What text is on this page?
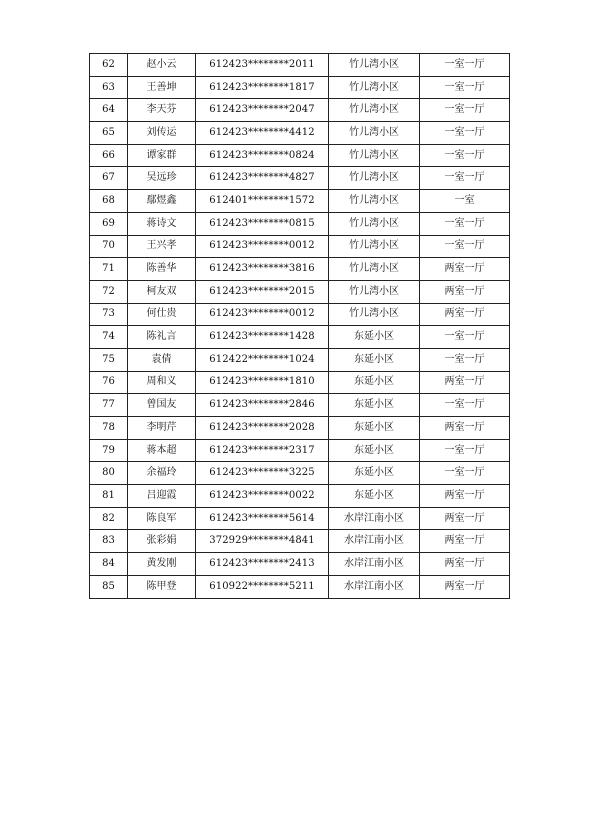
62	赵小云	612423********2011	竹儿湾小区	一室一厅
63	王善坤	612423********1817	竹儿湾小区	一室一厅
64	李天芬	612423********2047	竹儿湾小区	一室一厅
65	刘传运	612423********4412	竹儿湾小区	一室一厅
66	谭家群	612423********0824	竹儿湾小区	一室一厅
67	吴远珍	612423********4827	竹儿湾小区	一室一厅
68	鄢煜鑫	612401********1572	竹儿湾小区	一室
69	蒋诗文	612423********0815	竹儿湾小区	一室一厅
70	王兴孝	612423********0012	竹儿湾小区	一室一厅
71	陈善华	612423********3816	竹儿湾小区	两室一厅
72	柯友双	612423********2015	竹儿湾小区	两室一厅
73	何仕贵	612423********0012	竹儿湾小区	两室一厅
74	陈礼言	612423********1428	东延小区	一室一厅
75	袁倩	612422********1024	东延小区	一室一厅
76	周和义	612423********1810	东延小区	两室一厅
77	曾国友	612423********2846	东延小区	一室一厅
78	李明芹	612423********2028	东延小区	两室一厅
79	蒋本超	612423********2317	东延小区	一室一厅
80	余福玲	612423********3225	东延小区	一室一厅
81	吕迎霞	612423********0022	东延小区	两室一厅
82	陈良军	612423********5614	水岸江南小区	两室一厅
83	张彩娟	372929********4841	水岸江南小区	两室一厅
84	黄发刚	612423********2413	水岸江南小区	两室一厅
85	陈甲登	610922********5211	水岸江南小区	两室一厅
